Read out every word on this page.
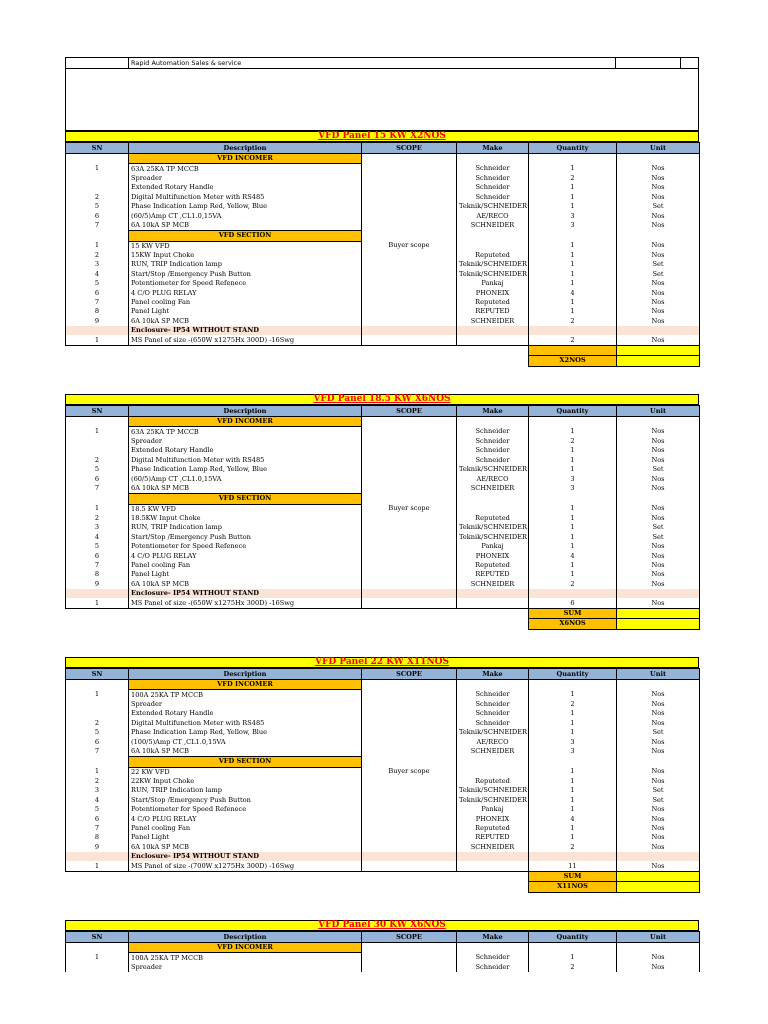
Rapid Automation Sales & service
VFD Panel 15 KW X2NOS
SN	Description	SCOPE	Make	Quantity	Unit
	VFD INCOMER				
1	63A 25KA TP MCCB		Schneider	1	Nos
	Spreader		Schneider	2	Nos
	Extended Rotary Handle		Schneider	1	Nos
2	Digital Multifunction Meter with RS485		Schneider	1	Nos
5	Phase Indication Lamp Red, Yellow, Blue		Teknik/SCHNEIDER	1	Set
6	(60/5)Amp CT ,CL1.0,15VA		AE/RECO	3	Nos
7	6A 10kA SP MCB		SCHNEIDER	3	Nos
	VFD SECTION				
1	15 KW VFD	Buyer scope		1	Nos
2	15KW Input Choke		Reputeted	1	Nos
3	RUN, TRIP Indication lamp		Teknik/SCHNEIDER	1	Set
4	Start/Stop /Emergency Push Button		Teknik/SCHNEIDER	1	Set
5	Potentiometer for Speed Refenece		Pankaj	1	Nos
6	4 C/O PLUG RELAY		PHONEIX	4	Nos
7	Panel cooling Fan		Reputeted	1	Nos
8	Panel Light		REPUTED	1	Nos
9	6A 10kA SP MCB		SCHNEIDER	2	Nos
	Enclosure- IP54 WITHOUT STAND				
1	MS Panel of size -(650W x1275Hx 300D) -16Swg			2	Nos

				X2NOS	
VFD Panel 18.5 KW X6NOS
SN	Description	SCOPE	Make	Quantity	Unit
	VFD INCOMER				
1	63A 25KA TP MCCB		Schneider	1	Nos
	Spreader		Schneider	2	Nos
	Extended Rotary Handle		Schneider	1	Nos
2	Digital Multifunction Meter with RS485		Schneider	1	Nos
5	Phase Indication Lamp Red, Yellow, Blue		Teknik/SCHNEIDER	1	Set
6	(60/5)Amp CT ,CL1.0,15VA		AE/RECO	3	Nos
7	6A 10kA SP MCB		SCHNEIDER	3	Nos
	VFD SECTION				
1	18.5 KW VFD	Buyer scope		1	Nos
2	18.5KW Input Choke		Reputeted	1	Nos
3	RUN, TRIP Indication lamp		Teknik/SCHNEIDER	1	Set
4	Start/Stop /Emergency Push Button		Teknik/SCHNEIDER	1	Set
5	Potentiometer for Speed Refenece		Pankaj	1	Nos
6	4 C/O PLUG RELAY		PHONEIX	4	Nos
7	Panel cooling Fan		Reputeted	1	Nos
8	Panel Light		REPUTED	1	Nos
9	6A 10kA SP MCB		SCHNEIDER	2	Nos
	Enclosure- IP54 WITHOUT STAND				
1	MS Panel of size -(650W x1275Hx 300D) -16Swg			6	Nos
				SUM	
				X6NOS	
VFD Panel 22 KW X11NOS
SN	Description	SCOPE	Make	Quantity	Unit
	VFD INCOMER				
1	100A 25KA TP MCCB		Schneider	1	Nos
	Spreader		Schneider	2	Nos
	Extended Rotary Handle		Schneider	1	Nos
2	Digital Multifunction Meter with RS485		Schneider	1	Nos
5	Phase Indication Lamp Red, Yellow, Blue		Teknik/SCHNEIDER	1	Set
6	(100/5)Amp CT ,CL1.0,15VA		AE/RECO	3	Nos
7	6A 10kA SP MCB		SCHNEIDER	3	Nos
	VFD SECTION				
1	22 KW VFD	Buyer scope		1	Nos
2	22KW Input Choke		Reputeted	1	Nos
3	RUN, TRIP Indication lamp		Teknik/SCHNEIDER	1	Set
4	Start/Stop /Emergency Push Button		Teknik/SCHNEIDER	1	Set
5	Potentiometer for Speed Refenece		Pankaj	1	Nos
6	4 C/O PLUG RELAY		PHONEIX	4	Nos
7	Panel cooling Fan		Reputeted	1	Nos
8	Panel Light		REPUTED	1	Nos
9	6A 10kA SP MCB		SCHNEIDER	2	Nos
	Enclosure- IP54 WITHOUT STAND				
1	MS Panel of size -(700W x1275Hx 300D) -16Swg			11	Nos
				SUM	
				X11NOS	
VFD Panel 30 KW X6NOS
SN	Description	SCOPE	Make	Quantity	Unit
	VFD INCOMER				
1	100A 25KA TP MCCB		Schneider	1	Nos
	Spreader		Schneider	2	Nos
